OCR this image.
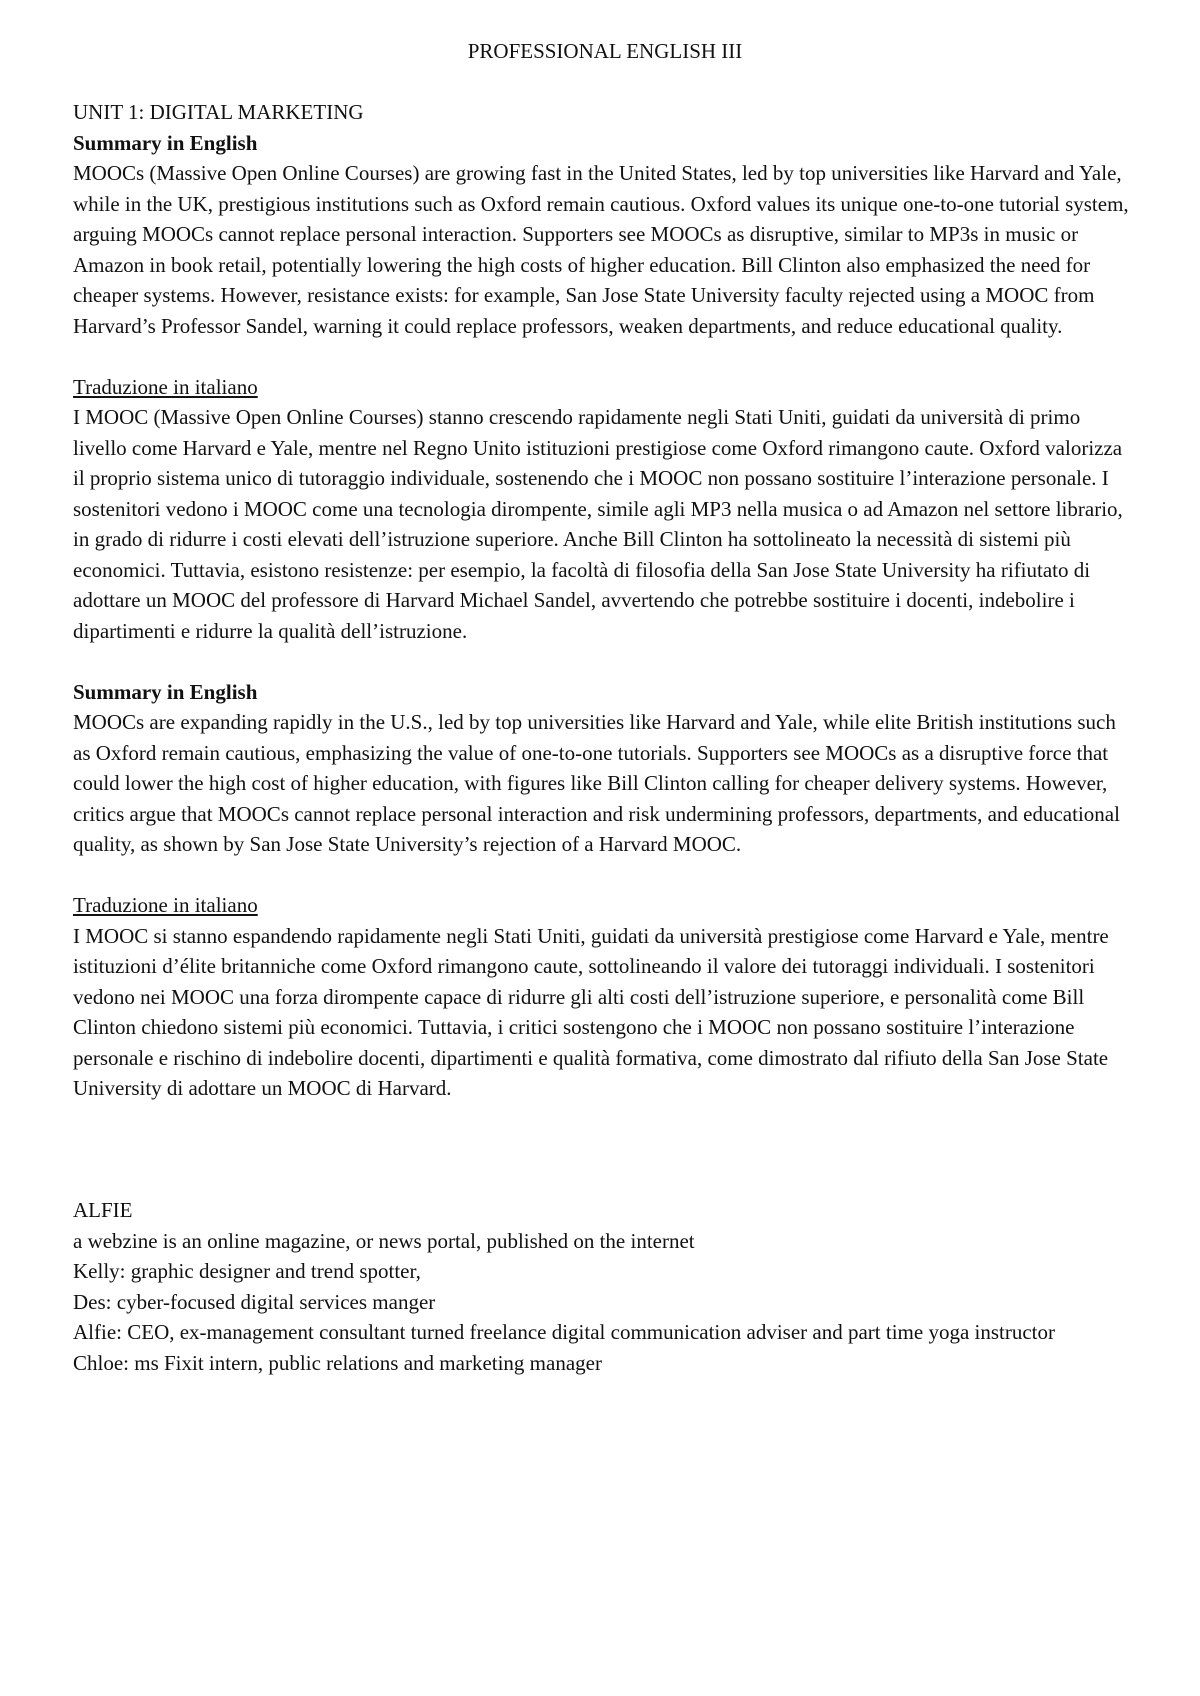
PROFESSIONAL ENGLISH III
UNIT 1: DIGITAL MARKETING

Summary in English

MOOCs (Massive Open Online Courses) are growing fast in the United States, led by top universities like Harvard and Yale, while in the UK, prestigious institutions such as Oxford remain cautious. Oxford values its unique one-to-one tutorial system, arguing MOOCs cannot replace personal interaction. Supporters see MOOCs as disruptive, similar to MP3s in music or Amazon in book retail, potentially lowering the high costs of higher education. Bill Clinton also emphasized the need for cheaper systems. However, resistance exists: for example, San Jose State University faculty rejected using a MOOC from Harvard’s Professor Sandel, warning it could replace professors, weaken departments, and reduce educational quality.

Traduzione in italiano

I MOOC (Massive Open Online Courses) stanno crescendo rapidamente negli Stati Uniti, guidati da università di primo livello come Harvard e Yale, mentre nel Regno Unito istituzioni prestigiose come Oxford rimangono caute. Oxford valorizza il proprio sistema unico di tutoraggio individuale, sostenendo che i MOOC non possano sostituire l’interazione personale. I sostenitori vedono i MOOC come una tecnologia dirompente, simile agli MP3 nella musica o ad Amazon nel settore librario, in grado di ridurre i costi elevati dell’istruzione superiore. Anche Bill Clinton ha sottolineato la necessità di sistemi più economici. Tuttavia, esistono resistenze: per esempio, la facoltà di filosofia della San Jose State University ha rifiutato di adottare un MOOC del professore di Harvard Michael Sandel, avvertendo che potrebbe sostituire i docenti, indebolire i dipartimenti e ridurre la qualità dell’istruzione.

Summary in English

MOOCs are expanding rapidly in the U.S., led by top universities like Harvard and Yale, while elite British institutions such as Oxford remain cautious, emphasizing the value of one-to-one tutorials. Supporters see MOOCs as a disruptive force that could lower the high cost of higher education, with figures like Bill Clinton calling for cheaper delivery systems. However, critics argue that MOOCs cannot replace personal interaction and risk undermining professors, departments, and educational quality, as shown by San Jose State University’s rejection of a Harvard MOOC.

Traduzione in italiano

I MOOC si stanno espandendo rapidamente negli Stati Uniti, guidati da università prestigiose come Harvard e Yale, mentre istituzioni d’élite britanniche come Oxford rimangono caute, sottolineando il valore dei tutoraggi individuali. I sostenitori vedono nei MOOC una forza dirompente capace di ridurre gli alti costi dell’istruzione superiore, e personalità come Bill Clinton chiedono sistemi più economici. Tuttavia, i critici sostengono che i MOOC non possano sostituire l’interazione personale e rischino di indebolire docenti, dipartimenti e qualità formativa, come dimostrato dal rifiuto della San Jose State University di adottare un MOOC di Harvard.

ALFIE

a webzine is an online magazine, or news portal, published on the internet

Kelly: graphic designer and trend spotter,

Des: cyber-focused digital services manger

Alfie: CEO, ex-management consultant turned freelance digital communication adviser and part time yoga instructor

Chloe: ms Fixit intern, public relations and marketing manager
